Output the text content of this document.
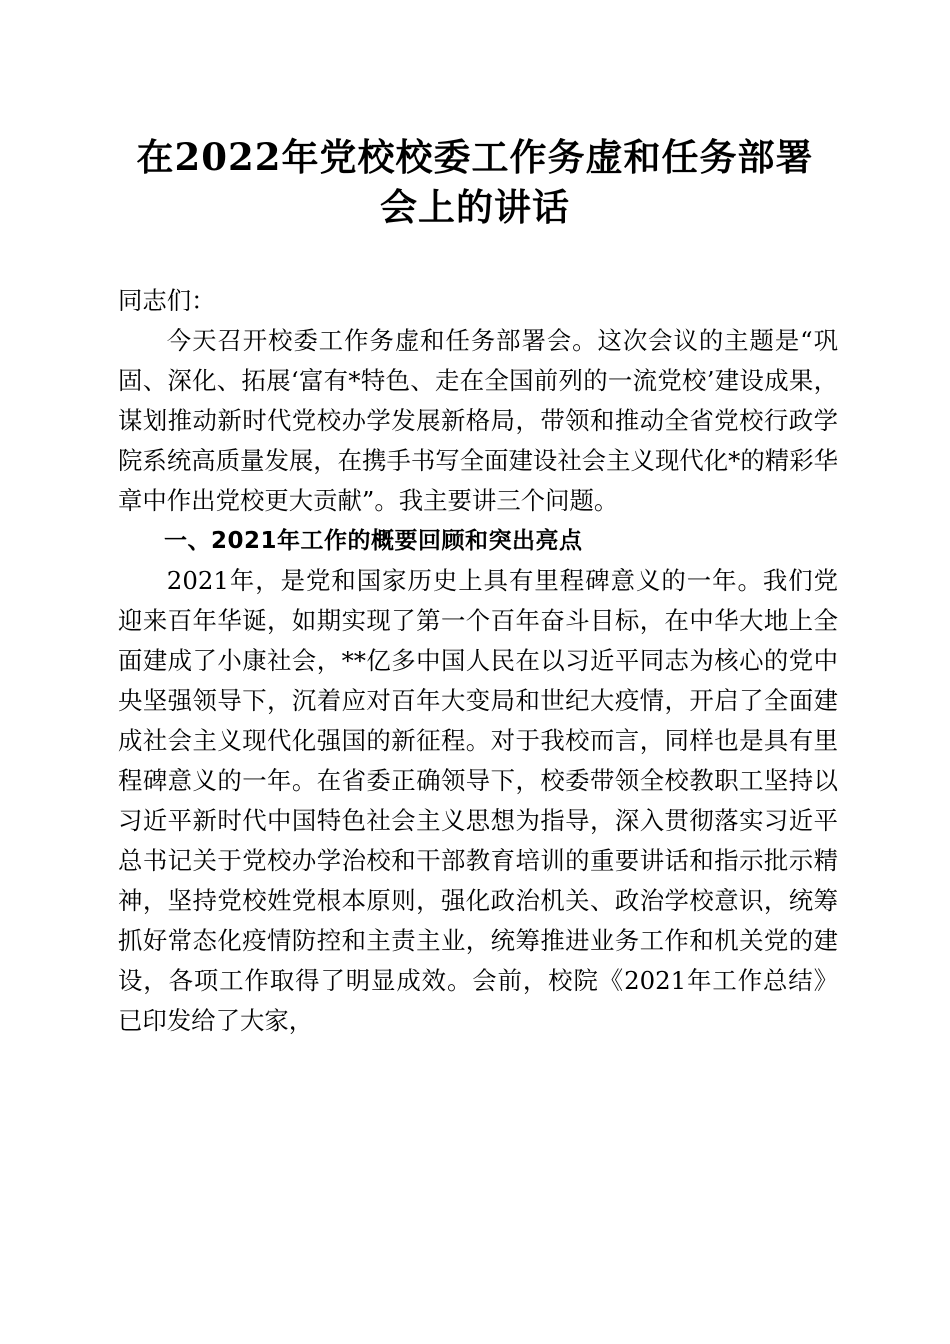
在2022年党校校委工作务虚和任务部署会上的讲话

同志们：

今天召开校委工作务虚和任务部署会。这次会议的主题是“巩固、深化、拓展‘富有*特色、走在全国前列的一流党校’建设成果，谋划推动新时代党校办学发展新格局，带领和推动全省党校行政学院系统高质量发展，在携手书写全面建设社会主义现代化*的精彩华章中作出党校更大贡献”。我主要讲三个问题。

一、2021年工作的概要回顾和突出亮点

2021年，是党和国家历史上具有里程碑意义的一年。我们党迎来百年华诞，如期实现了第一个百年奋斗目标，在中华大地上全面建成了小康社会，**亿多中国人民在以习近平同志为核心的党中央坚强领导下，沉着应对百年大变局和世纪大疫情，开启了全面建成社会主义现代化强国的新征程。对于我校而言，同样也是具有里程碑意义的一年。在省委正确领导下，校委带领全校教职工坚持以习近平新时代中国特色社会主义思想为指导，深入贯彻落实习近平总书记关于党校办学治校和干部教育培训的重要讲话和指示批示精神，坚持党校姓党根本原则，强化政治机关、政治学校意识，统筹抓好常态化疫情防控和主责主业，统筹推进业务工作和机关党的建设，各项工作取得了明显成效。会前，校院《2021年工作总结》已印发给了大家，
